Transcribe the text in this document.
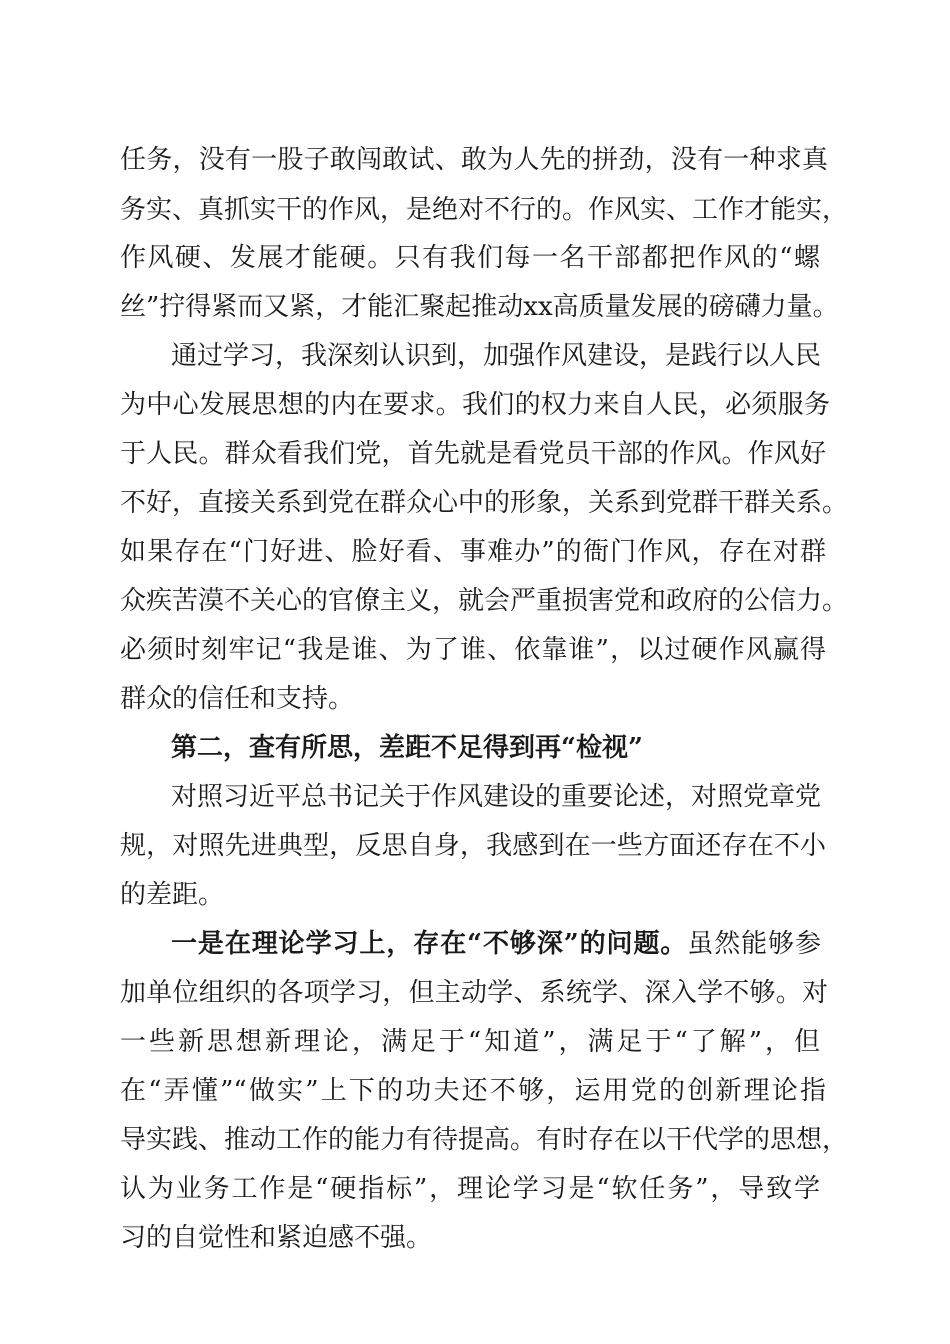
任务，没有一股子敢闯敢试、敢为人先的拼劲，没有一种求真
务实、真抓实干的作风，是绝对不行的。作风实、工作才能实，
作风硬、发展才能硬。只有我们每一名干部都把作风的“螺
丝”拧得紧而又紧，才能汇聚起推动xx高质量发展的磅礴力量。
通过学习，我深刻认识到，加强作风建设，是践行以人民
为中心发展思想的内在要求。我们的权力来自人民，必须服务
于人民。群众看我们党，首先就是看党员干部的作风。作风好
不好，直接关系到党在群众心中的形象，关系到党群干群关系。
如果存在“门好进、脸好看、事难办”的衙门作风，存在对群
众疾苦漠不关心的官僚主义，就会严重损害党和政府的公信力。
必须时刻牢记“我是谁、为了谁、依靠谁”，以过硬作风赢得
群众的信任和支持。
第二，查有所思，差距不足得到再“检视”
对照习近平总书记关于作风建设的重要论述，对照党章党
规，对照先进典型，反思自身，我感到在一些方面还存在不小
的差距。
一是在理论学习上，存在“不够深”的问题。虽然能够参
加单位组织的各项学习，但主动学、系统学、深入学不够。对
一些新思想新理论，满足于“知道”，满足于“了解”，但
在“弄懂”“做实”上下的功夫还不够，运用党的创新理论指
导实践、推动工作的能力有待提高。有时存在以干代学的思想，
认为业务工作是“硬指标”，理论学习是“软任务”，导致学
习的自觉性和紧迫感不强。
